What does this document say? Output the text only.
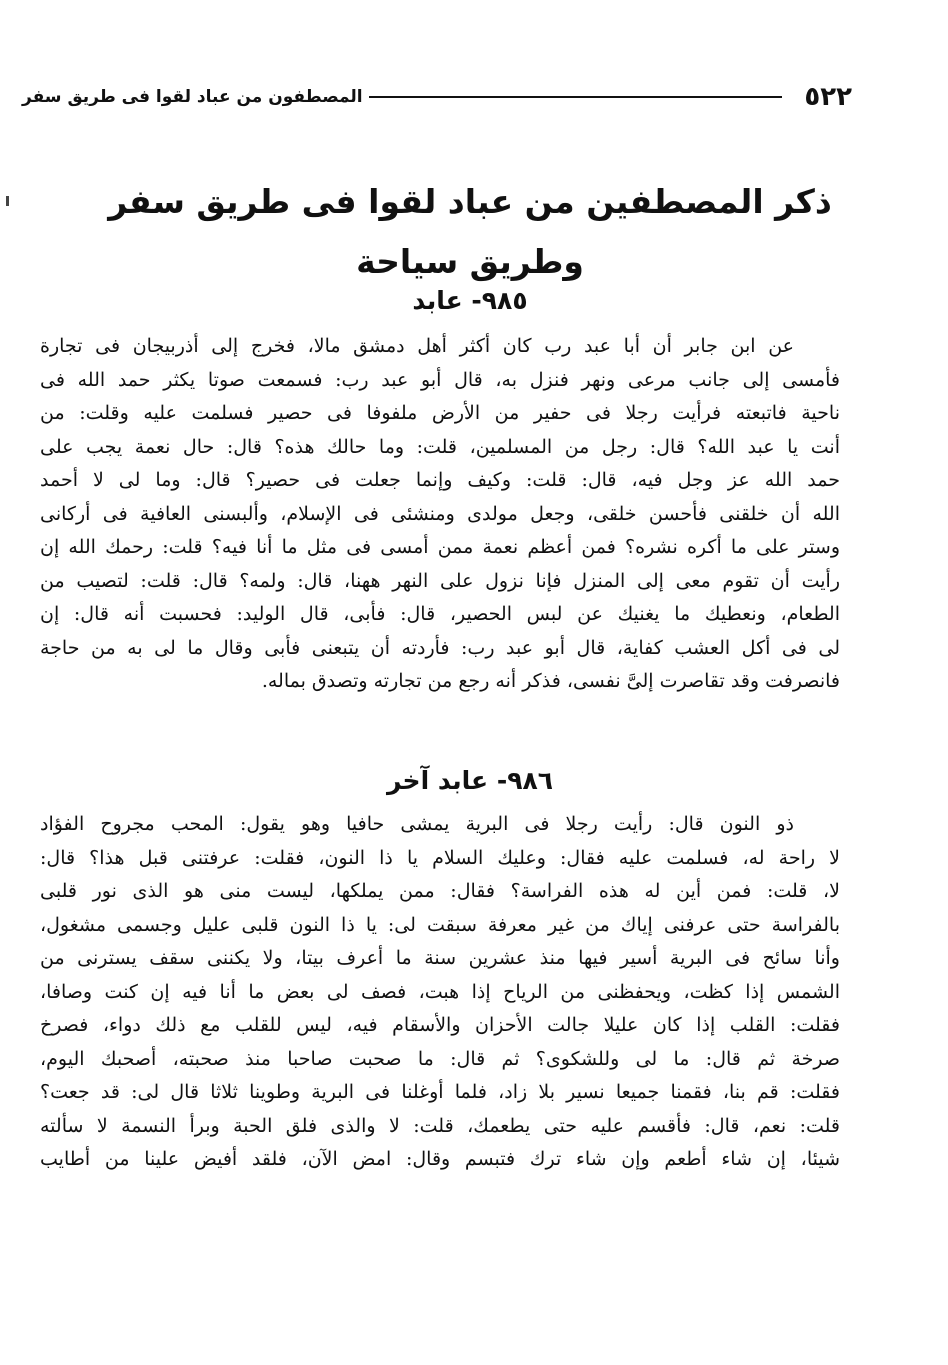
٥٢٢
المصطفون من عباد لقوا فى طريق سفر
ذكر المصطفين من عباد لقوا فى طريق سفر
وطريق سياحة
٩٨٥- عابد
عن ابن جابر أن أبا عبد رب كان أكثر أهل دمشق مالا، فخرج إلى أذربيجان فى تجارة
فأمسى إلى جانب مرعى ونهر فنزل به، قال أبو عبد رب: فسمعت صوتا يكثر حمد الله فى
ناحية فاتبعته فرأيت رجلا فى حفير من الأرض ملفوفا فى حصير فسلمت عليه وقلت: من
أنت يا عبد الله؟ قال: رجل من المسلمين، قلت: وما حالك هذه؟ قال: حال نعمة يجب على
حمد الله عز وجل فيه، قال: قلت: وكيف وإنما جعلت فى حصير؟ قال: وما لى لا أحمد
الله أن خلقنى فأحسن خلقى، وجعل مولدى ومنشئى فى الإسلام، وألبسنى العافية فى أركانى
وستر على ما أكره نشره؟ فمن أعظم نعمة ممن أمسى فى مثل ما أنا فيه؟ قلت: رحمك الله إن
رأيت أن تقوم معى إلى المنزل فإنا نزول على النهر ههنا، قال: ولمه؟ قال: قلت: لتصيب من
الطعام، ونعطيك ما يغنيك عن لبس الحصير، قال: فأبى، قال الوليد: فحسبت أنه قال: إن
لى فى أكل العشب كفاية، قال أبو عبد رب: فأردته أن يتبعنى فأبى وقال ما لى به من حاجة
فانصرفت وقد تقاصرت إلىَّ نفسى، فذكر أنه رجع من تجارته وتصدق بماله.
٩٨٦- عابد آخر
ذو النون قال: رأيت رجلا فى البرية يمشى حافيا وهو يقول: المحب مجروح الفؤاد
لا راحة له، فسلمت عليه فقال: وعليك السلام يا ذا النون، فقلت: عرفتنى قبل هذا؟ قال:
لا، قلت: فمن أين له هذه الفراسة؟ فقال: ممن يملكها، ليست منى هو الذى نور قلبى
بالفراسة حتى عرفنى إياك من غير معرفة سبقت لى: يا ذا النون قلبى عليل وجسمى مشغول،
وأنا سائح فى البرية أسير فيها منذ عشرين سنة ما أعرف بيتا، ولا يكننى سقف يسترنى من
الشمس إذا كظت، ويحفظنى من الرياح إذا هبت، فصف لى بعض ما أنا فيه إن كنت وصافا،
فقلت: القلب إذا كان عليلا جالت الأحزان والأسقام فيه، ليس للقلب مع ذلك دواء، فصرخ
صرخة ثم قال: ما لى وللشكوى؟ ثم قال: ما صحبت صاحبا منذ صحبته، أصحبك اليوم،
فقلت: قم بنا، فقمنا جميعا نسير بلا زاد، فلما أوغلنا فى البرية وطوينا ثلاثا قال لى: قد جعت؟
قلت: نعم، قال: فأقسم عليه حتى يطعمك، قلت: لا والذى فلق الحبة وبرأ النسمة لا سألته
شيئا، إن شاء أطعم وإن شاء ترك فتبسم وقال: امض الآن، فلقد أفيض علينا من أطايب
